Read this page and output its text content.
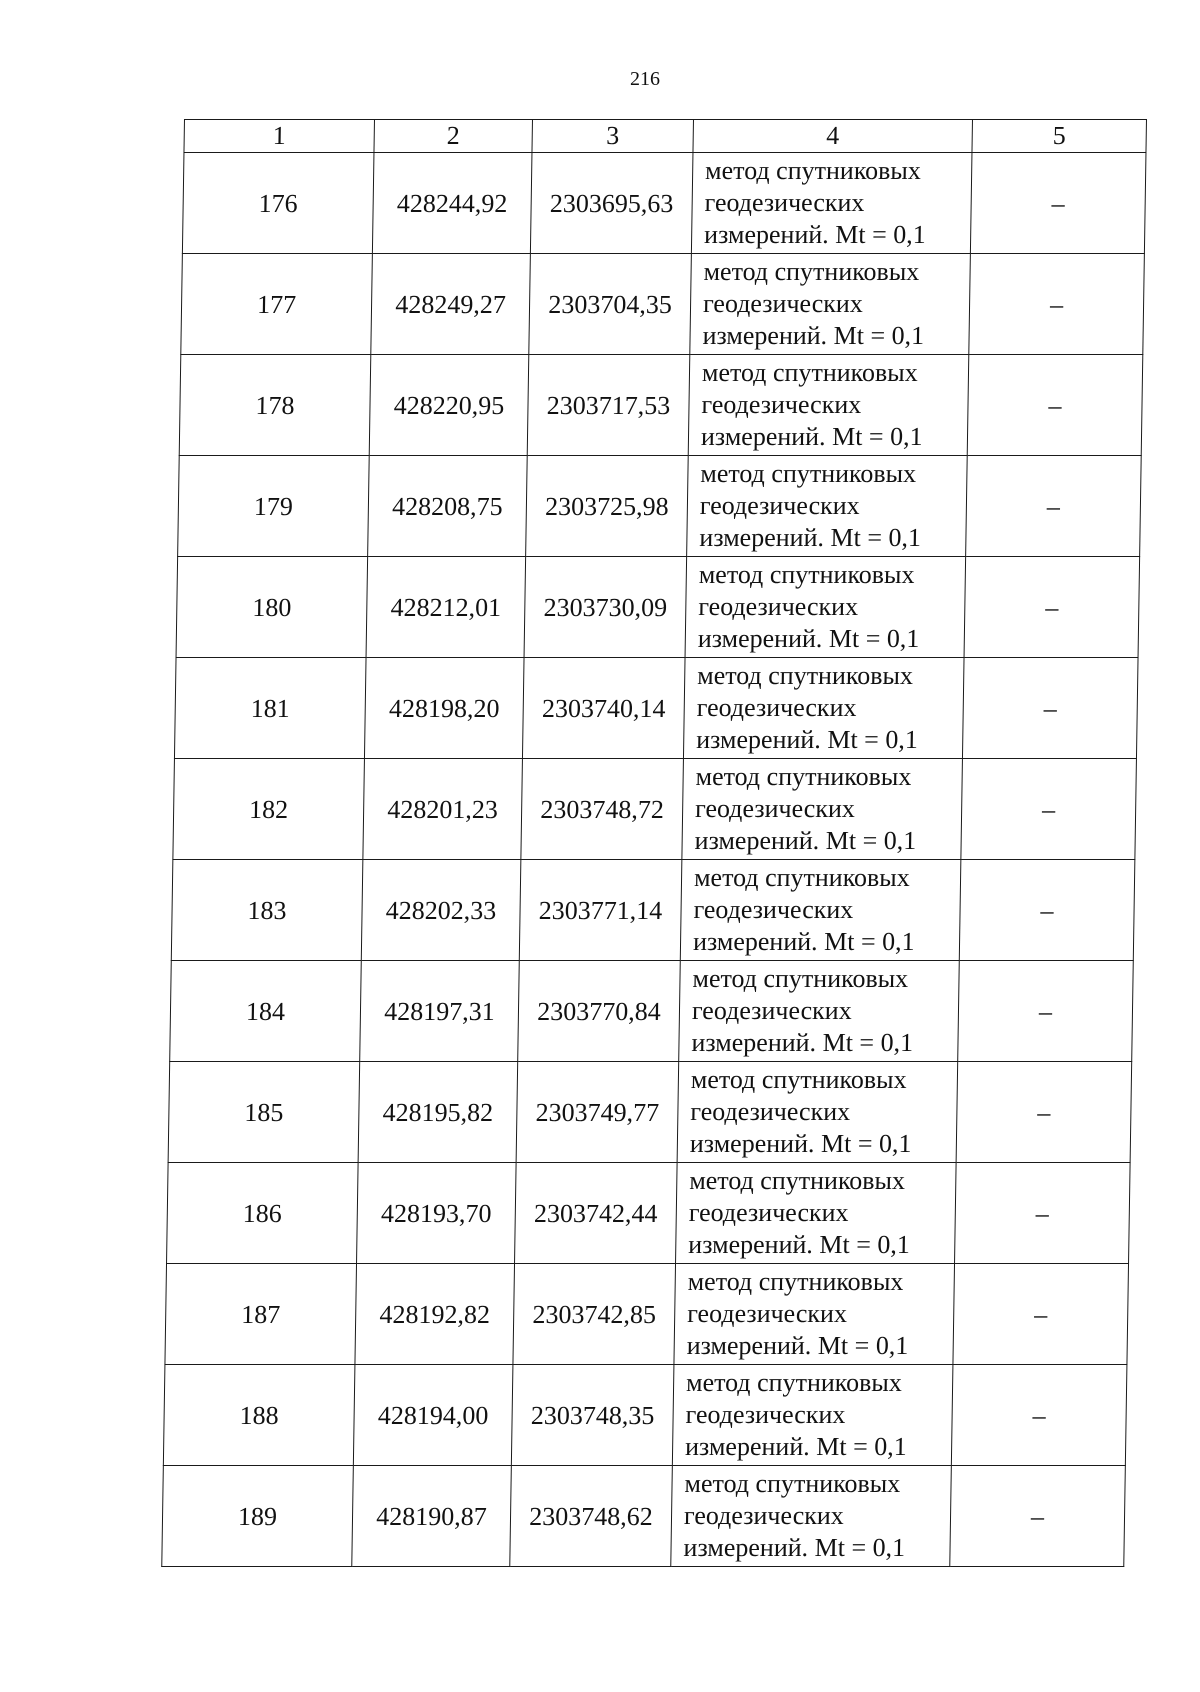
216
1	2	3	4	5
176	428244,92	2303695,63	метод спутниковых
геодезических
измерений. Mt = 0,1	–
177	428249,27	2303704,35	метод спутниковых
геодезических
измерений. Mt = 0,1	–
178	428220,95	2303717,53	метод спутниковых
геодезических
измерений. Mt = 0,1	–
179	428208,75	2303725,98	метод спутниковых
геодезических
измерений. Mt = 0,1	–
180	428212,01	2303730,09	метод спутниковых
геодезических
измерений. Mt = 0,1	–
181	428198,20	2303740,14	метод спутниковых
геодезических
измерений. Mt = 0,1	–
182	428201,23	2303748,72	метод спутниковых
геодезических
измерений. Mt = 0,1	–
183	428202,33	2303771,14	метод спутниковых
геодезических
измерений. Mt = 0,1	–
184	428197,31	2303770,84	метод спутниковых
геодезических
измерений. Mt = 0,1	–
185	428195,82	2303749,77	метод спутниковых
геодезических
измерений. Mt = 0,1	–
186	428193,70	2303742,44	метод спутниковых
геодезических
измерений. Mt = 0,1	–
187	428192,82	2303742,85	метод спутниковых
геодезических
измерений. Mt = 0,1	–
188	428194,00	2303748,35	метод спутниковых
геодезических
измерений. Mt = 0,1	–
189	428190,87	2303748,62	метод спутниковых
геодезических
измерений. Mt = 0,1	–
